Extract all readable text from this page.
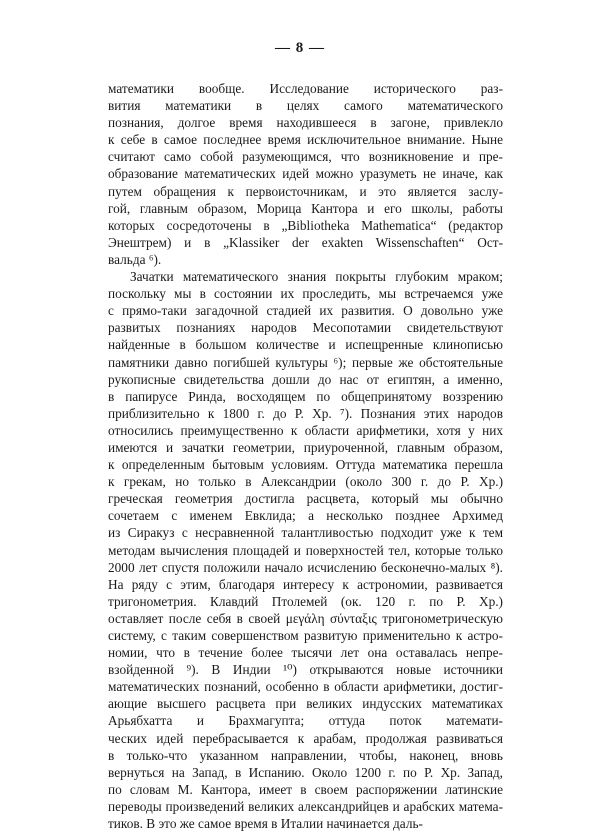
— 8 —
математики вообще. Исследование исторического раз-
вития математики в целях самого математического
познания, долгое время находившееся в загоне, привлекло
к себе в самое последнее время исключительное внимание. Ныне
считают само собой разумеющимся, что возникновение и пре-
образование математических идей можно уразуметь не иначе, как
путем обращения к первоисточникам, и это является заслу-
гой, главным образом, Морица Кантора и его школы, работы
которых сосредоточены в „Bibliotheka Mathematica“ (редактор
Энештрем) и в „Klassiker der exakten Wissenschaften“ Ост-
вальда ⁶).
Зачатки математического знания покрыты глубоким мраком;
поскольку мы в состоянии их проследить, мы встречаемся уже
с прямо-таки загадочной стадией их развития. О довольно уже
развитых познаниях народов Месопотамии свидетельствуют
найденные в большом количестве и испещренные клинописью
памятники давно погибшей культуры ⁶); первые же обстоятельные
рукописные свидетельства дошли до нас от египтян, а именно,
в папирусе Ринда, восходящем по общепринятому воззрению
приблизительно к 1800 г. до Р. Хр. ⁷). Познания этих народов
относились преимущественно к области арифметики, хотя у них
имеются и зачатки геометрии, приуроченной, главным образом,
к определенным бытовым условиям. Оттуда математика перешла
к грекам, но только в Александрии (около 300 г. до Р. Хр.)
греческая геометрия достигла расцвета, который мы обычно
сочетаем с именем Евклида; а несколько позднее Архимед
из Сиракуз с несравненной талантливостью подходит уже к тем
методам вычисления площадей и поверхностей тел, которые только
2000 лет спустя положили начало исчислению бесконечно-малых ⁸).
На ряду с этим, благодаря интересу к астрономии, развивается
тригонометрия. Клавдий Птолемей (ок. 120 г. по Р. Хр.)
оставляет после себя в своей μεγάλη σύνταξις тригонометрическую
систему, с таким совершенством развитую применительно к астро-
номии, что в течение более тысячи лет она оставалась непре-
взойденной ⁹). В Индии ¹⁰) открываются новые источники
математических познаний, особенно в области арифметики, достиг-
ающие высшего расцвета при великих индусских математиках
Арьябхатта и Брахмагупта; оттуда поток математи-
ческих идей перебрасывается к арабам, продолжая развиваться
в только-что указанном направлении, чтобы, наконец, вновь
вернуться на Запад, в Испанию. Около 1200 г. по Р. Хр. Запад,
по словам М. Кантора, имеет в своем распоряжении латинские
переводы произведений великих александрийцев и арабских матема-
тиков. В это же самое время в Италии начинается даль-
